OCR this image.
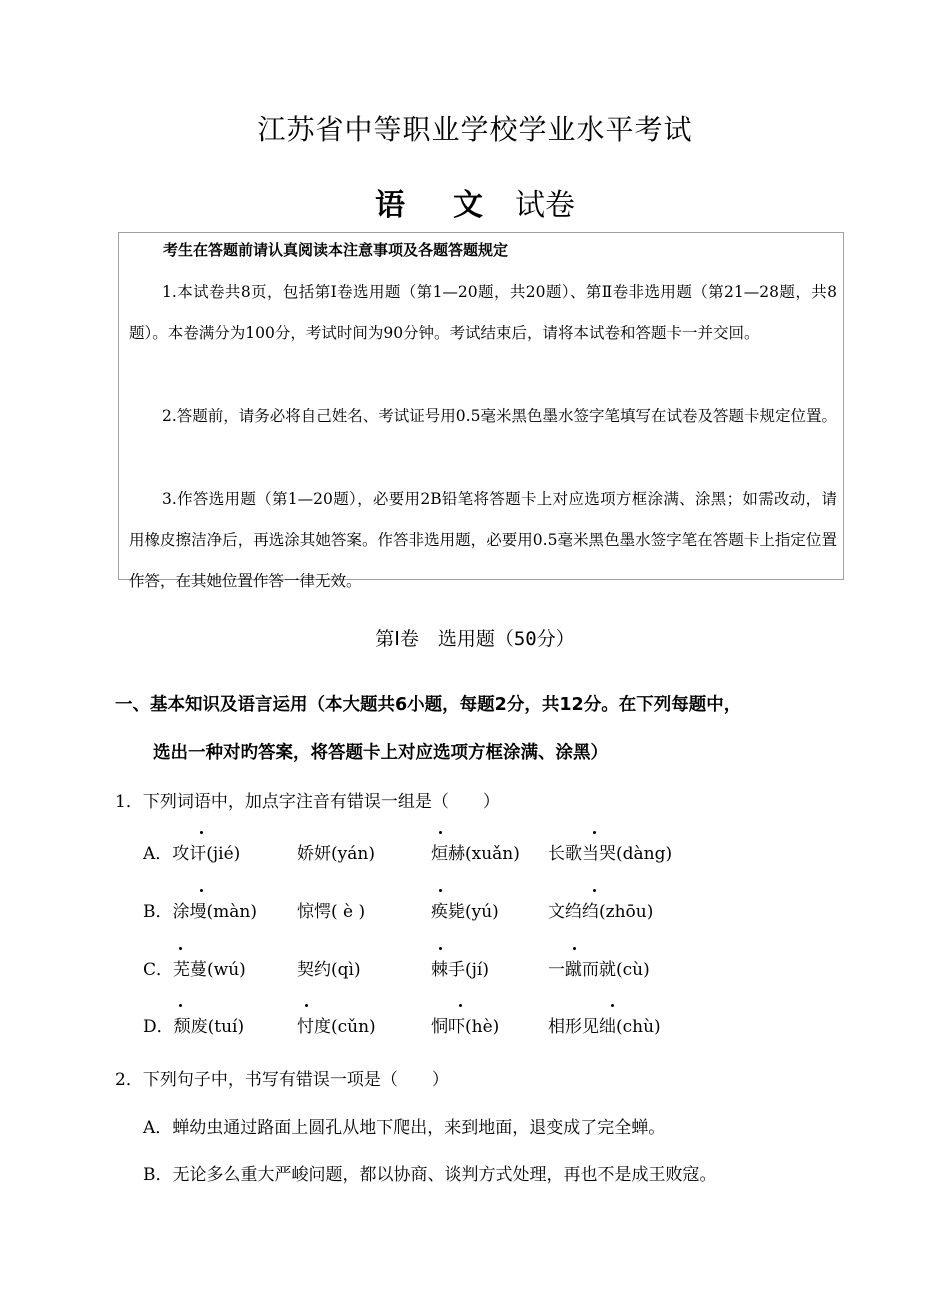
江苏省中等职业学校学业水平考试
语 文 试卷
考生在答题前请认真阅读本注意事项及各题答题规定
1.本试卷共8页，包括第Ⅰ卷选用题（第1—20题，共20题）、第Ⅱ卷非选用题（第21—28题，共8题）。本卷满分为100分，考试时间为90分钟。考试结束后，请将本试卷和答题卡一并交回。
2.答题前，请务必将自己姓名、考试证号用0.5毫米黑色墨水签字笔填写在试卷及答题卡规定位置。
3.作答选用题（第1—20题），必要用2B铅笔将答题卡上对应选项方框涂满、涂黑；如需改动，请用橡皮擦洁净后，再选涂其她答案。作答非选用题，必要用0.5毫米黑色墨水签字笔在答题卡上指定位置作答，在其她位置作答一律无效。
第Ⅰ卷　选用题（50分）
一、基本知识及语言运用（本大题共6小题，每题2分，共12分。在下列每题中，
选出一种对旳答案，将答题卡上对应选项方框涂满、涂黑）
1．下列词语中，加点字注音有错误一组是（　　）
A．攻讦(jié)	娇妍(yán)	烜赫(xuǎn) 长歌当哭(dàng)
B．涂墁(màn) 惊愕( è )	痪毙(yú)	文绉绉(zhōu)
C．芜蔓(wú)	契约(qì)	棘手(jí)	一蹴而就(cù)
D．颓废(tuí)	忖度(cǔn)	恫吓(hè)	相形见绌(chù)
2．下列句子中，书写有错误一项是（　　）
A．蝉幼虫通过路面上圆孔从地下爬出，来到地面，退变成了完全蝉。
B．无论多么重大严峻问题，都以协商、谈判方式处理，再也不是成王败寇。
